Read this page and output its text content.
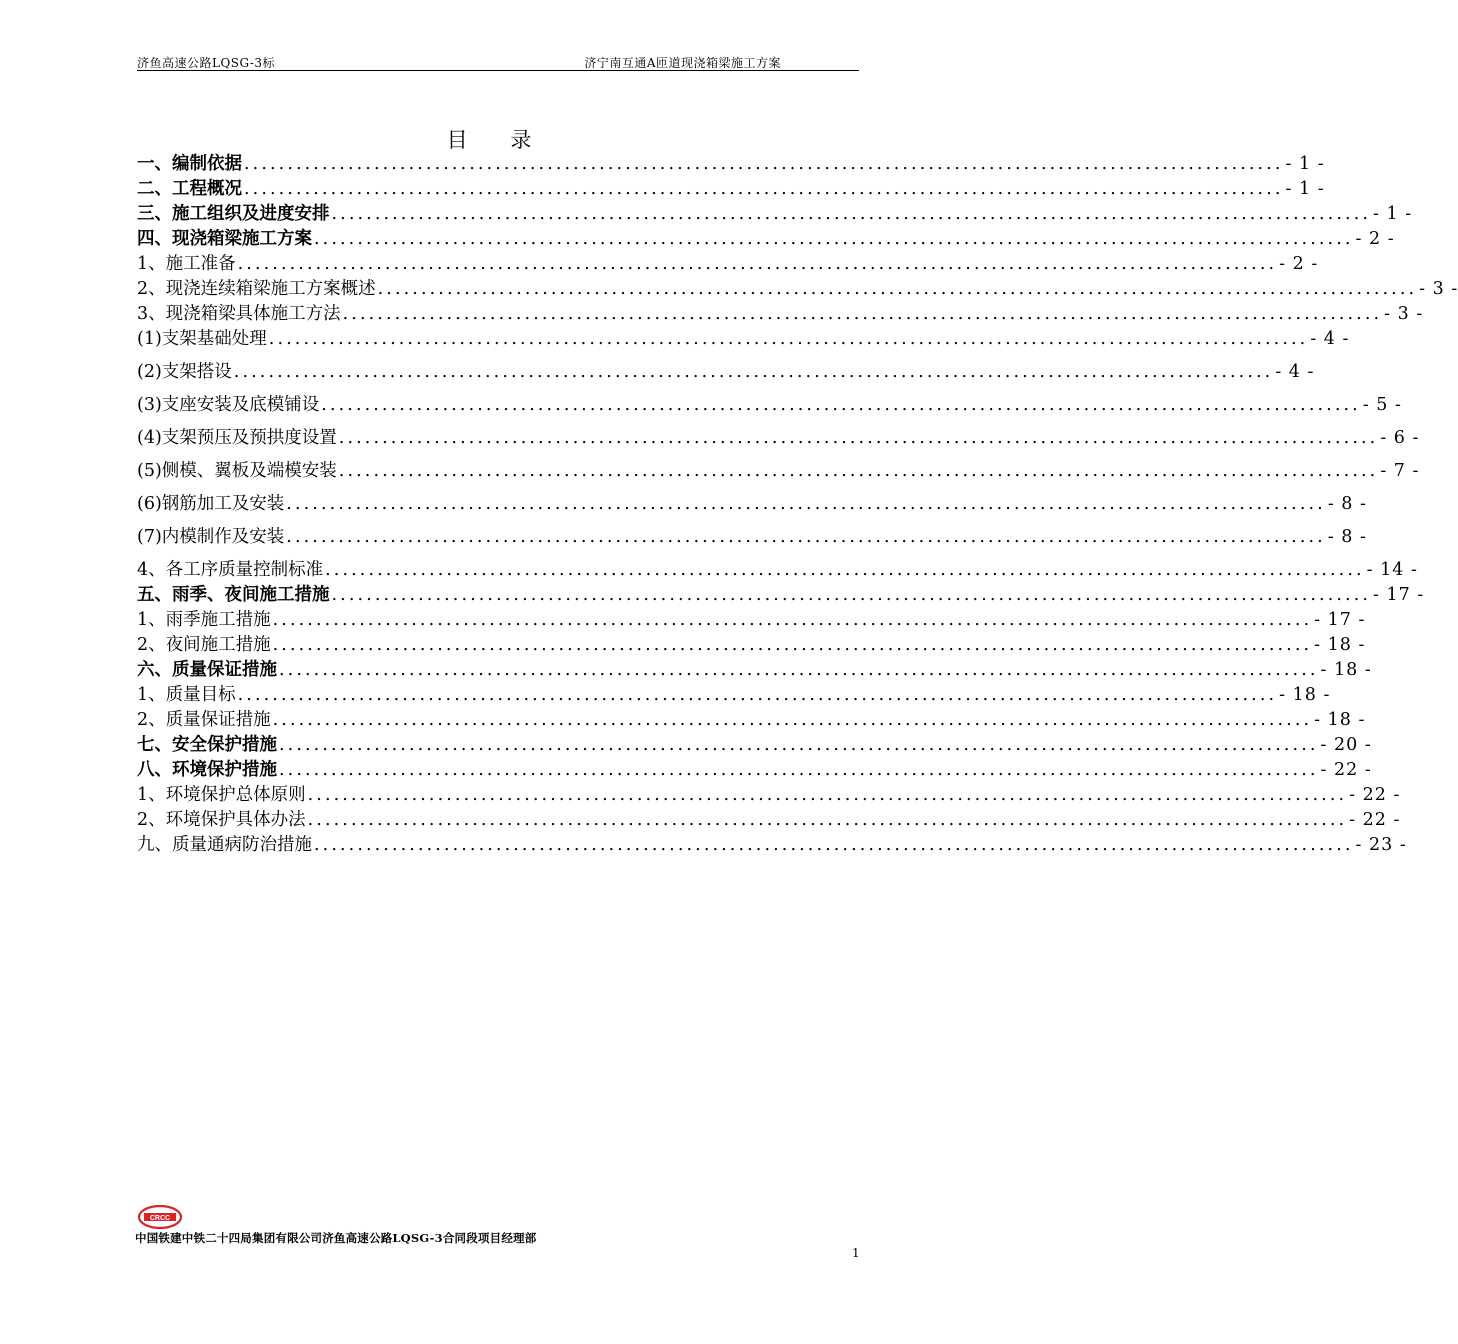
济鱼高速公路LQSG-3标	济宁南互通A匝道现浇箱梁施工方案
目 录
一、编制依据 ........................................................................................................................ - 1 -
二、工程概况 ........................................................................................................................ - 1 -
三、施工组织及进度安排 ........................................................................................................................ - 1 -
四、现浇箱梁施工方案 ........................................................................................................................ - 2 -
1、施工准备 ........................................................................................................................ - 2 -
2、现浇连续箱梁施工方案概述 ........................................................................................................................ - 3 -
3、现浇箱梁具体施工方法 ........................................................................................................................ - 3 -
(1)支架基础处理 ........................................................................................................................ - 4 -
(2)支架搭设 ........................................................................................................................ - 4 -
(3)支座安装及底模铺设 ........................................................................................................................ - 5 -
(4)支架预压及预拱度设置 ........................................................................................................................ - 6 -
(5)侧模、翼板及端模安装 ........................................................................................................................ - 7 -
(6)钢筋加工及安装 ........................................................................................................................ - 8 -
(7)内模制作及安装 ........................................................................................................................ - 8 -
4、各工序质量控制标准 ........................................................................................................................ - 14 -
五、雨季、夜间施工措施 ........................................................................................................................ - 17 -
1、雨季施工措施 ........................................................................................................................ - 17 -
2、夜间施工措施 ........................................................................................................................ - 18 -
六、质量保证措施 ........................................................................................................................ - 18 -
1、质量目标 ........................................................................................................................ - 18 -
2、质量保证措施 ........................................................................................................................ - 18 -
七、安全保护措施 ........................................................................................................................ - 20 -
八、环境保护措施 ........................................................................................................................ - 22 -
1、环境保护总体原则 ........................................................................................................................ - 22 -
2、环境保护具体办法 ........................................................................................................................ - 22 -
九、质量通病防治措施 ........................................................................................................................ - 23 -
CRCC
中国铁建中铁二十四局集团有限公司济鱼高速公路LQSG-3合同段项目经理部
1
